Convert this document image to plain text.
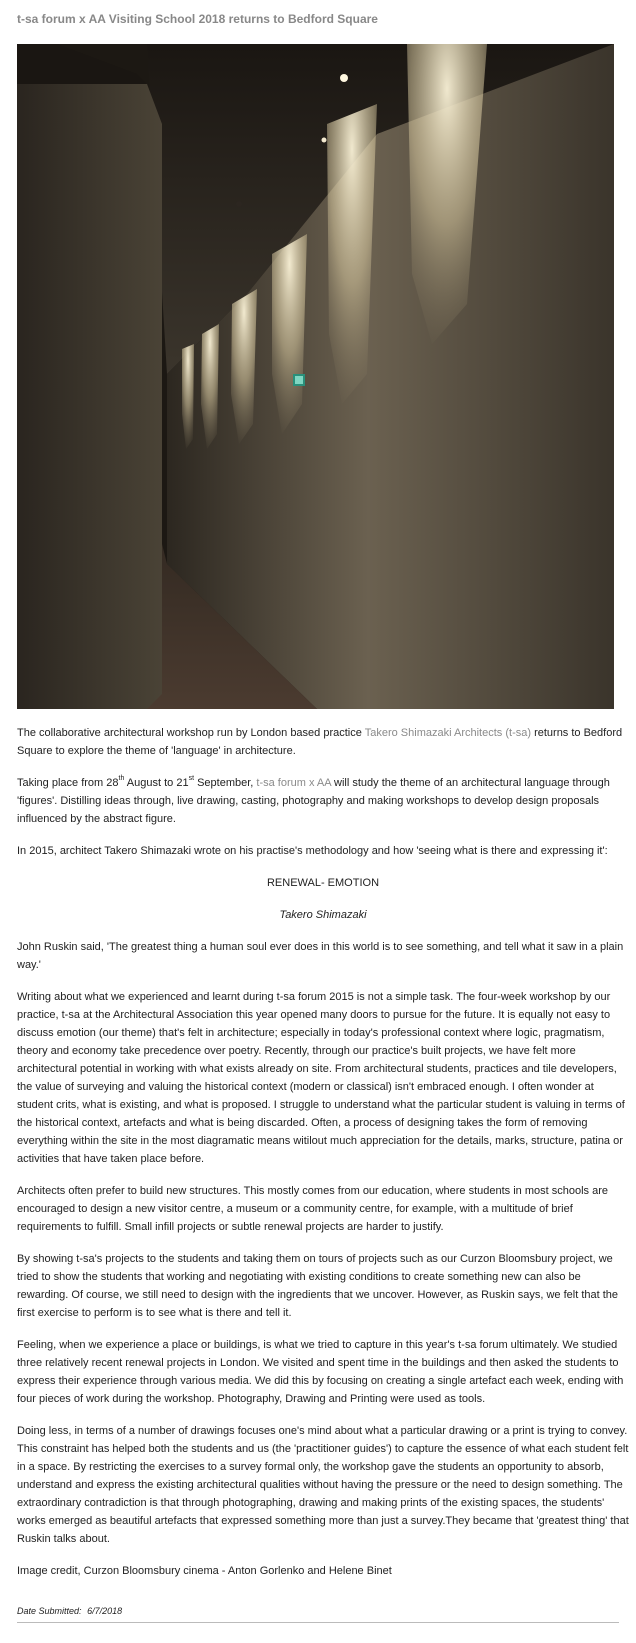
t-sa forum x AA Visiting School 2018 returns to Bedford Square

The collaborative architectural workshop run by London based practice Takero Shimazaki Architects (t-sa) returns to Bedford Square to explore the theme of 'language' in architecture.

Taking place from 28th August to 21st September, t-sa forum x AA will study the theme of an architectural language through 'figures'. Distilling ideas through, live drawing, casting, photography and making workshops to develop design proposals influenced by the abstract figure.

In 2015, architect Takero Shimazaki wrote on his practise's methodology and how 'seeing what is there and expressing it':

RENEWAL- EMOTION

Takero Shimazaki

John Ruskin said, 'The greatest thing a human soul ever does in this world is to see something, and tell what it saw in a plain way.'

Writing about what we experienced and learnt during t-sa forum 2015 is not a simple task. The four-week workshop by our practice, t-sa at the Architectural Association this year opened many doors to pursue for the future. It is equally not easy to discuss emotion (our theme) that's felt in architecture; especially in today's professional context where logic, pragmatism, theory and economy take precedence over poetry. Recently, through our practice's built projects, we have felt more architectural potential in working with what exists already on site. From architectural students, practices and tile developers, the value of surveying and valuing the historical context (modern or classical) isn't embraced enough. I often wonder at student crits, what is existing, and what is proposed. I struggle to understand what the particular student is valuing in terms of the historical context, artefacts and what is being discarded. Often, a process of designing takes the form of removing everything within the site in the most diagramatic means witilout much appreciation for the details, marks, structure, patina or activities that have taken place before.

Architects often prefer to build new structures. This mostly comes from our education, where students in most schools are encouraged to design a new visitor centre, a museum or a community centre, for example, with a multitude of brief requirements to fulfill. Small infill projects or subtle renewal projects are harder to justify.

By showing t-sa's projects to the students and taking them on tours of projects such as our Curzon Bloomsbury project, we tried to show the students that working and negotiating with existing conditions to create something new can also be rewarding. Of course, we still need to design with the ingredients that we uncover. However, as Ruskin says, we felt that the first exercise to perform is to see what is there and tell it.

Feeling, when we experience a place or buildings, is what we tried to capture in this year's t-sa forum ultimately. We studied three relatively recent renewal projects in London. We visited and spent time in the buildings and then asked the students to express their experience through various media. We did this by focusing on creating a single artefact each week, ending with four pieces of work during the workshop. Photography, Drawing and Printing were used as tools.

Doing less, in terms of a number of drawings focuses one's mind about what a particular drawing or a print is trying to convey. This constraint has helped both the students and us (the 'practitioner guides') to capture the essence of what each student felt in a space. By restricting the exercises to a survey formal only, the workshop gave the students an opportunity to absorb, understand and express the existing architectural qualities without having the pressure or the need to design something. The extraordinary contradiction is that through photographing, drawing and making prints of the existing spaces, the students' works emerged as beautiful artefacts that expressed something more than just a survey.They became that 'greatest thing' that Ruskin talks about.

Image credit, Curzon Bloomsbury cinema - Anton Gorlenko and Helene Binet

Date Submitted: 6/7/2018
